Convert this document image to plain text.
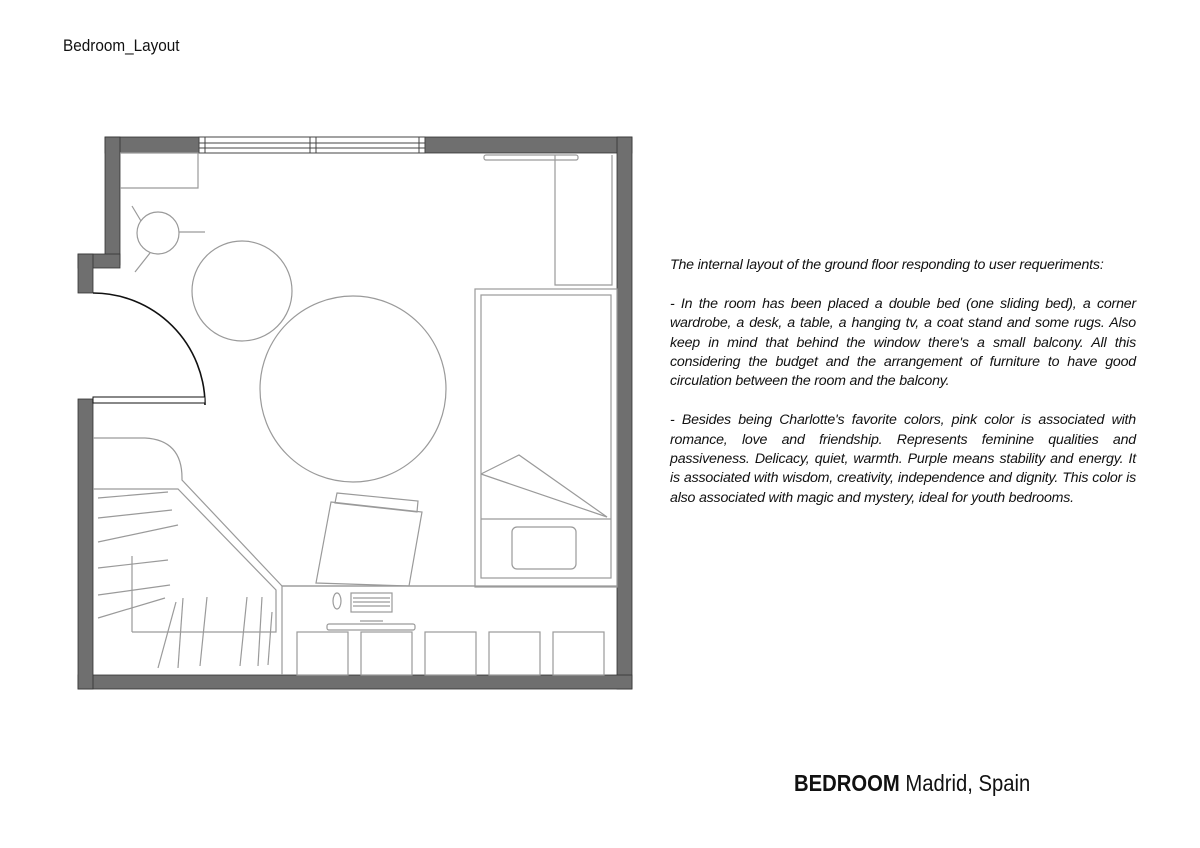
Bedroom_Layout

The internal layout of the ground floor responding to user requeriments:

- In the room has been placed a double bed (one sliding bed), a corner wardrobe, a desk, a table, a hanging tv, a coat stand and some rugs. Also keep in mind that behind the window there's a small balcony. All this considering the budget and the arrangement of furniture to have good circulation between the room and the balcony.

- Besides being Charlotte's favorite colors, pink color is associated with romance, love and friendship. Represents feminine qualities and passiveness. Delicacy, quiet, warmth. Purple means stability and energy. It is associated with wisdom, creativity, independence and dignity. This color is also associated with magic and mystery, ideal for youth bedrooms.

BEDROOM Madrid, Spain
